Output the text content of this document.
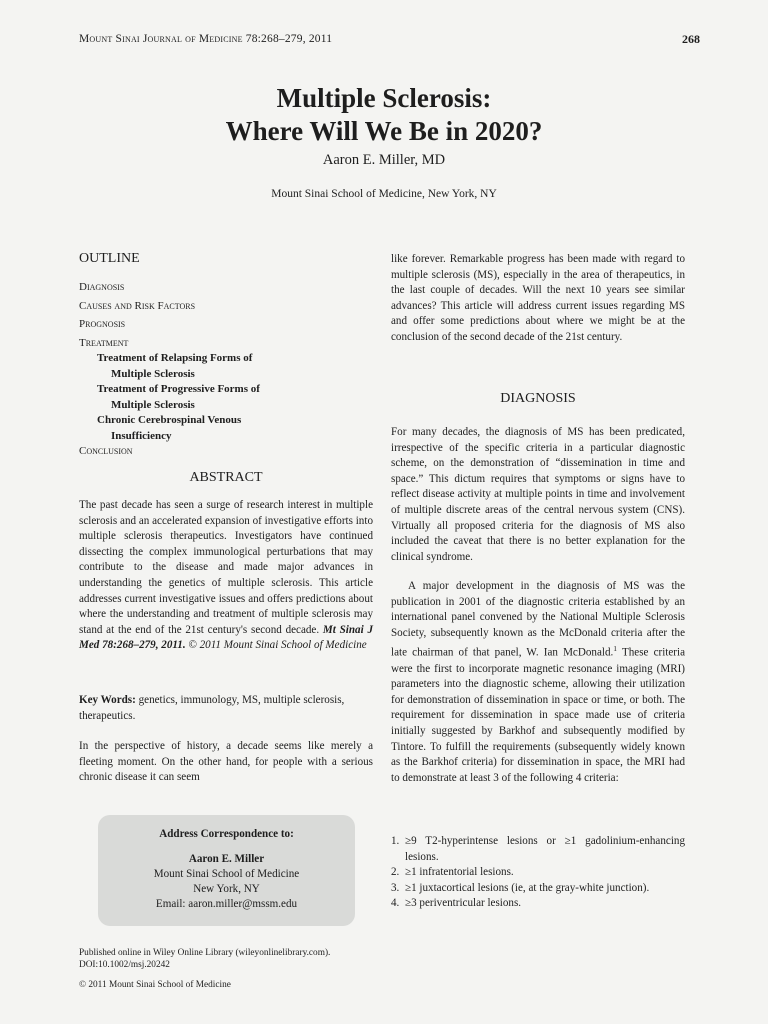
Mount Sinai Journal of Medicine 78:268–279, 2011	268
Multiple Sclerosis:
Where Will We Be in 2020?
Aaron E. Miller, MD
Mount Sinai School of Medicine, New York, NY
OUTLINE
Diagnosis
Causes and Risk Factors
Prognosis
Treatment
Treatment of Relapsing Forms of
Multiple Sclerosis
Treatment of Progressive Forms of
Multiple Sclerosis
Chronic Cerebrospinal Venous
Insufficiency
Conclusion
ABSTRACT
The past decade has seen a surge of research interest in multiple sclerosis and an accelerated expansion of investigative efforts into multiple sclerosis therapeutics. Investigators have continued dissecting the complex immunological perturbations that may contribute to the disease and made major advances in understanding the genetics of multiple sclerosis. This article addresses current investigative issues and offers predictions about where the understanding and treatment of multiple sclerosis may stand at the end of the 21st century's second decade. Mt Sinai J Med 78:268–279, 2011. © 2011 Mount Sinai School of Medicine
Key Words: genetics, immunology, MS, multiple sclerosis, therapeutics.
In the perspective of history, a decade seems like merely a fleeting moment. On the other hand, for people with a serious chronic disease it can seem
Address Correspondence to:
Aaron E. Miller
Mount Sinai School of Medicine
New York, NY
Email: aaron.miller@mssm.edu
Published online in Wiley Online Library (wileyonlinelibrary.com).
DOI:10.1002/msj.20242
© 2011 Mount Sinai School of Medicine
like forever. Remarkable progress has been made with regard to multiple sclerosis (MS), especially in the area of therapeutics, in the last couple of decades. Will the next 10 years see similar advances? This article will address current issues regarding MS and offer some predictions about where we might be at the conclusion of the second decade of the 21st century.
DIAGNOSIS
For many decades, the diagnosis of MS has been predicated, irrespective of the specific criteria in a particular diagnostic scheme, on the demonstration of “dissemination in time and space.” This dictum requires that symptoms or signs have to reflect disease activity at multiple points in time and involvement of multiple discrete areas of the central nervous system (CNS). Virtually all proposed criteria for the diagnosis of MS also included the caveat that there is no better explanation for the clinical syndrome.
A major development in the diagnosis of MS was the publication in 2001 of the diagnostic criteria established by an international panel convened by the National Multiple Sclerosis Society, subsequently known as the McDonald criteria after the late chairman of that panel, W. Ian McDonald.$^1$ These criteria were the first to incorporate magnetic resonance imaging (MRI) parameters into the diagnostic scheme, allowing their utilization for demonstration of dissemination in space or time, or both. The requirement for dissemination in space made use of criteria initially suggested by Barkhof and subsequently modified by Tintore. To fulfill the requirements (subsequently widely known as the Barkhof criteria) for dissemination in space, the MRI had to demonstrate at least 3 of the following 4 criteria:
1. ≥9 T2-hyperintense lesions or ≥1 gadolinium-enhancing lesions.
2. ≥1 infratentorial lesions.
3. ≥1 juxtacortical lesions (ie, at the gray-white junction).
4. ≥3 periventricular lesions.
